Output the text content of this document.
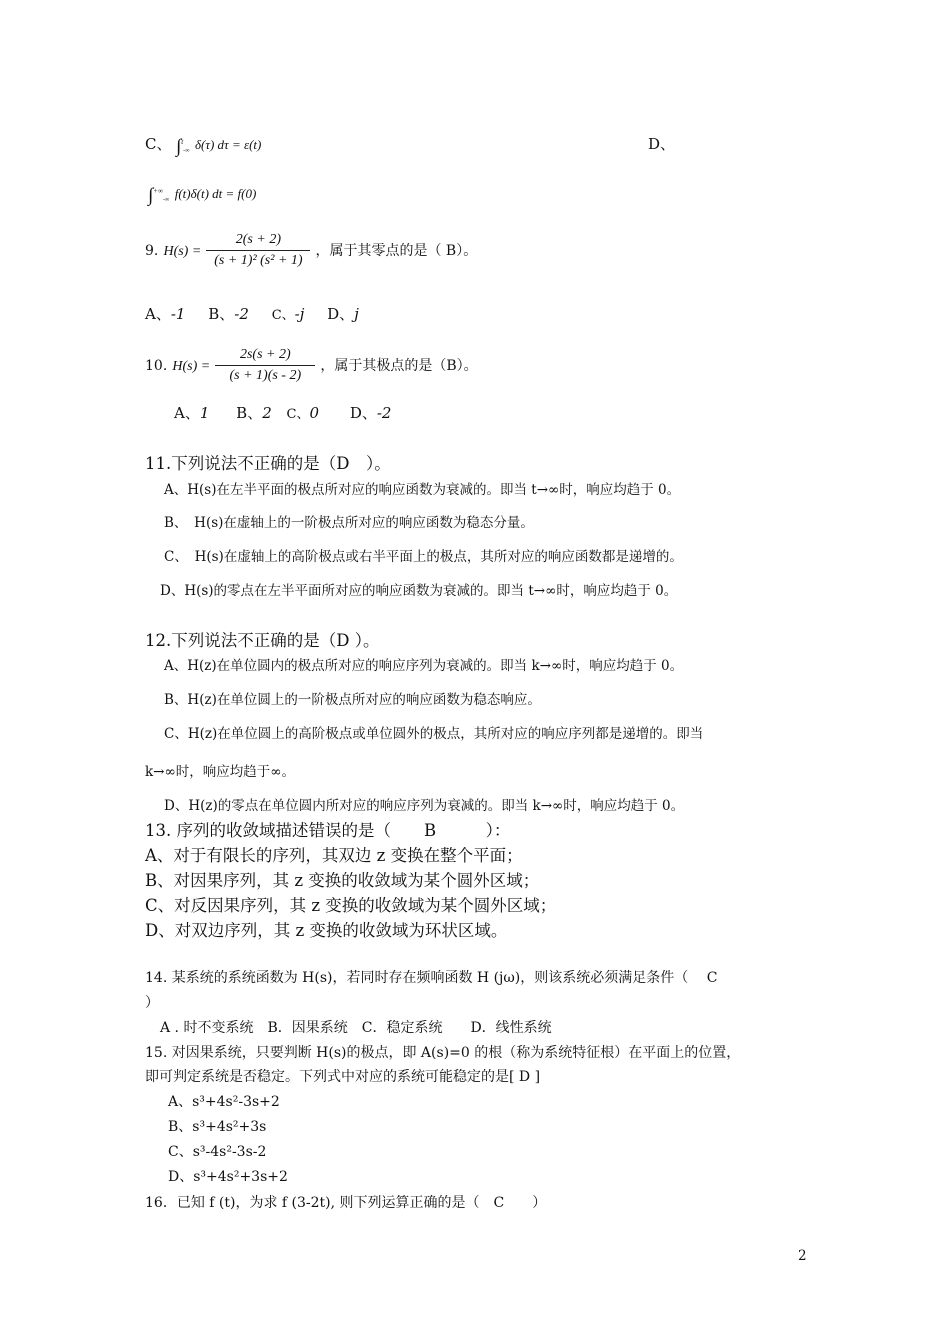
C、 ∫$^t_{-\infty}$ δ(τ) dτ = ε(t)	D、
$\int^{+\infty}_{-\infty}$ f(t)δ(t) dt = f(0)
9. $H(s) = \frac{2(s + 2)}{\text{(s + 1)² (s² + 1)}}$ ，属于其零点的是（ B）。
A、-1 B、-2 C、-j D、j
10. $H(s) = \frac{2s(s + 2)}{(s + 1)(s - 2)}$ ，属于其极点的是（B）。
A、1 B、2 C、0 D、-2
11.下列说法不正确的是（D　）。
A、H(s)在左半平面的极点所对应的响应函数为衰减的。即当 t→∞时，响应均趋于 0。
B、　H(s)在虚轴上的一阶极点所对应的响应函数为稳态分量。
C、　H(s)在虚轴上的高阶极点或右半平面上的极点，其所对应的响应函数都是递增的。
D、H(s)的零点在左半平面所对应的响应函数为衰减的。即当 t→∞时，响应均趋于 0。
12.下列说法不正确的是（D ）。
A、H(z)在单位圆内的极点所对应的响应序列为衰减的。即当 k→∞时，响应均趋于 0。
B、H(z)在单位圆上的一阶极点所对应的响应函数为稳态响应。
C、H(z)在单位圆上的高阶极点或单位圆外的极点，其所对应的响应序列都是递增的。即当
k→∞时，响应均趋于∞。
D、H(z)的零点在单位圆内所对应的响应序列为衰减的。即当 k→∞时，响应均趋于 0。
13. 序列的收敛域描述错误的是（　　B　　　）：
A、对于有限长的序列，其双边 z 变换在整个平面；
B、对因果序列，其 z 变换的收敛域为某个圆外区域；
C、对反因果序列，其 z 变换的收敛域为某个圆外区域；
D、对双边序列，其 z 变换的收敛域为环状区域。
14. 某系统的系统函数为 H(s)，若同时存在频响函数 H (jω)，则该系统必须满足条件（　 C
）
A . 时不变系统　B．因果系统　C．稳定系统　　D．线性系统
15. 对因果系统，只要判断 H(s)的极点，即 A(s)=0 的根（称为系统特征根）在平面上的位置，
即可判定系统是否稳定。下列式中对应的系统可能稳定的是[ D ]
A、s³+4s²-3s+2
B、s³+4s²+3s
C、s³-4s²-3s-2
D、s³+4s²+3s+2
16．已知 f (t)，为求 f (3-2t), 则下列运算正确的是（　C　　）
2
